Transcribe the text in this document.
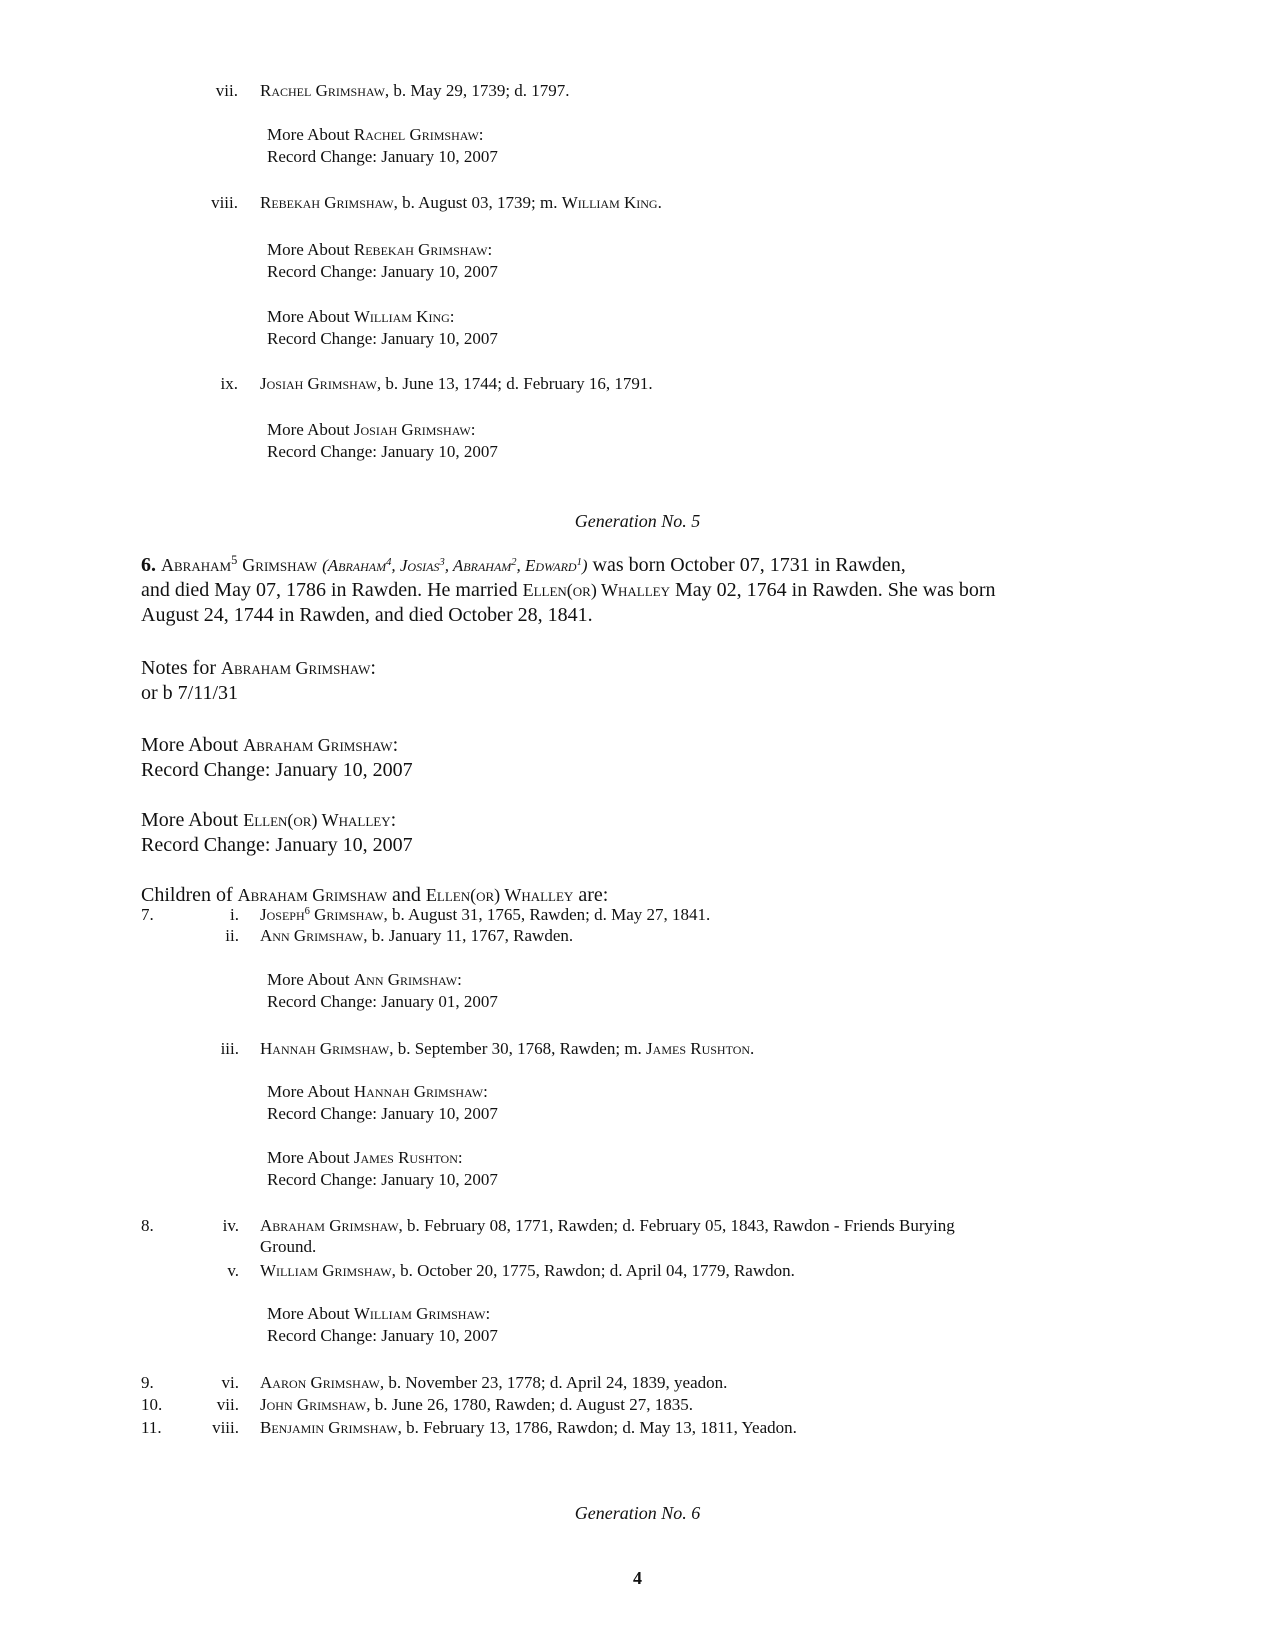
vii. Rachel Grimshaw, b. May 29, 1739; d. 1797.
More About Rachel Grimshaw:
Record Change: January 10, 2007
viii. Rebekah Grimshaw, b. August 03, 1739; m. William King.
More About Rebekah Grimshaw:
Record Change: January 10, 2007
More About William King:
Record Change: January 10, 2007
ix. Josiah Grimshaw, b. June 13, 1744; d. February 16, 1791.
More About Josiah Grimshaw:
Record Change: January 10, 2007
Generation No. 5
6. Abraham$^5$ Grimshaw (Abraham$^4$, Josias$^3$, Abraham$^2$, Edward$^1$) was born October 07, 1731 in Rawden,
and died May 07, 1786 in Rawden. He married Ellen(or) Whalley May 02, 1764 in Rawden. She was born
August 24, 1744 in Rawden, and died October 28, 1841.
Notes for Abraham Grimshaw:
or b 7/11/31
More About Abraham Grimshaw:
Record Change: January 10, 2007
More About Ellen(or) Whalley:
Record Change: January 10, 2007
Children of Abraham Grimshaw and Ellen(or) Whalley are:
7.	i. Joseph$^6$ Grimshaw, b. August 31, 1765, Rawden; d. May 27, 1841.
ii. Ann Grimshaw, b. January 11, 1767, Rawden.
More About Ann Grimshaw:
Record Change: January 01, 2007
iii. Hannah Grimshaw, b. September 30, 1768, Rawden; m. James Rushton.
More About Hannah Grimshaw:
Record Change: January 10, 2007
More About James Rushton:
Record Change: January 10, 2007
8.	iv. Abraham Grimshaw, b. February 08, 1771, Rawden; d. February 05, 1843, Rawdon - Friends Burying
Ground.
v. William Grimshaw, b. October 20, 1775, Rawdon; d. April 04, 1779, Rawdon.
More About William Grimshaw:
Record Change: January 10, 2007
9.	vi. Aaron Grimshaw, b. November 23, 1778; d. April 24, 1839, yeadon.
10.	vii. John Grimshaw, b. June 26, 1780, Rawden; d. August 27, 1835.
11.	viii. Benjamin Grimshaw, b. February 13, 1786, Rawdon; d. May 13, 1811, Yeadon.
Generation No. 6
4
